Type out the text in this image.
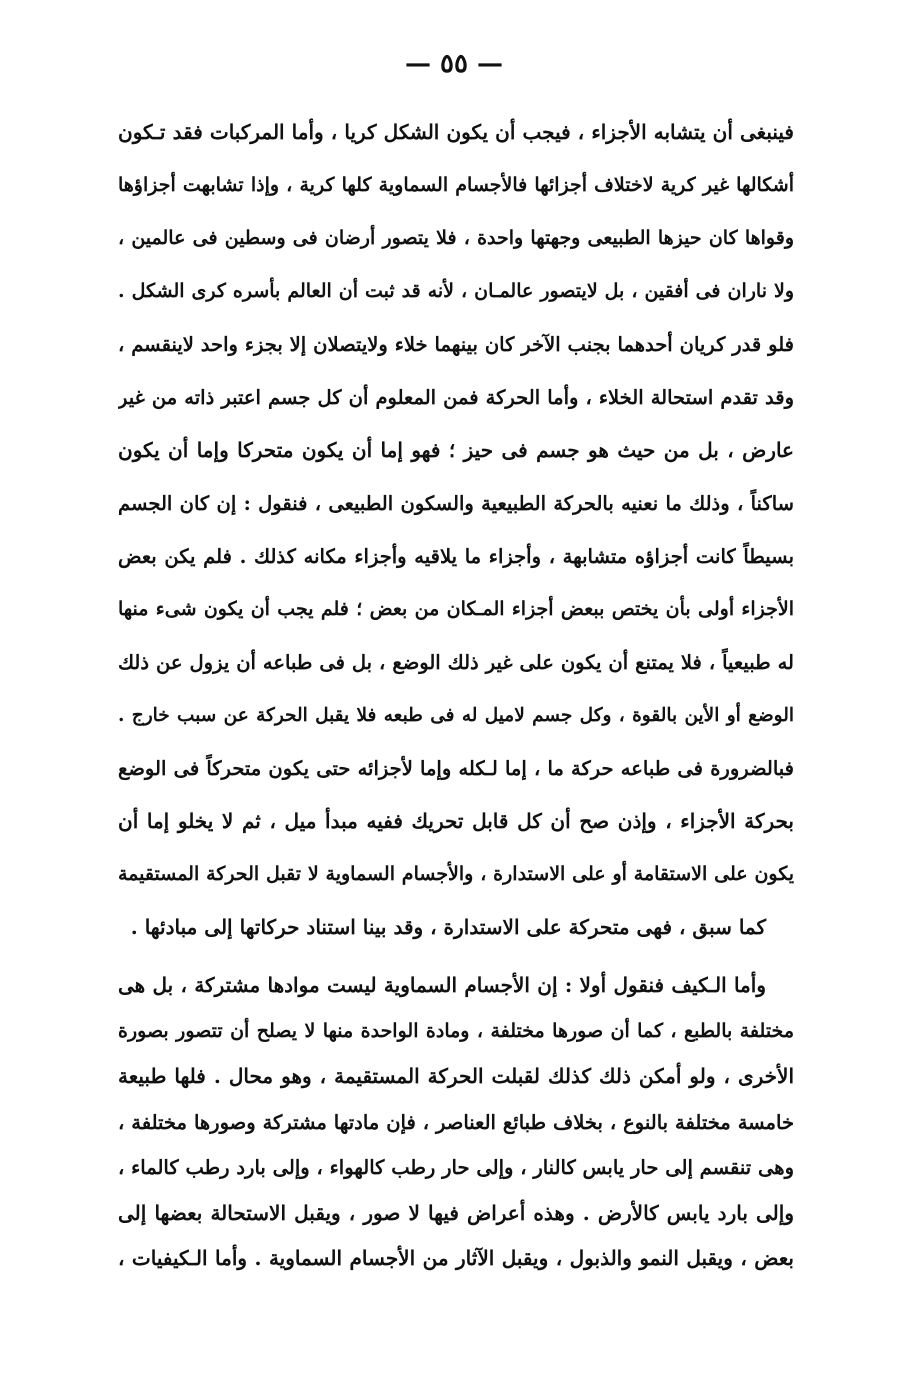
— ٥٥ —
فينبغى أن يتشابه الأجزاء ، فيجب أن يكون الشكل كريا ، وأما المركبات فقد تـكون
أشكالها غير كرية لاختلاف أجزائها فالأجسام السماوية كلها كرية ، وإذا تشابهت أجزاؤها
وقواها كان حيزها الطبيعى وجهتها واحدة ، فلا يتصور أرضان فى وسطين فى عالمين ،
ولا ناران فى أفقين ، بل لايتصور عالمـان ، لأنه قد ثبت أن العالم بأسره كرى الشكل .
فلو قدر كريان أحدهما بجنب الآخر كان بينهما خلاء ولايتصلان إلا بجزء واحد لاينقسم ،
وقد تقدم استحالة الخلاء ، وأما الحركة فمن المعلوم أن كل جسم اعتبر ذاته من غير
عارض ، بل من حيث هو جسم فى حيز ؛ فهو إما أن يكون متحركا وإما أن يكون
ساكناً ، وذلك ما نعنيه بالحركة الطبيعية والسكون الطبيعى ، فنقول : إن كان الجسم
بسيطاً كانت أجزاؤه متشابهة ، وأجزاء ما يلاقيه وأجزاء مكانه كذلك . فلم يكن بعض
الأجزاء أولى بأن يختص ببعض أجزاء المـكان من بعض ؛ فلم يجب أن يكون شىء منها
له طبيعياً ، فلا يمتنع أن يكون على غير ذلك الوضع ، بل فى طباعه أن يزول عن ذلك
الوضع أو الأين بالقوة ، وكل جسم لاميل له فى طبعه فلا يقبل الحركة عن سبب خارج .
فبالضرورة فى طباعه حركة ما ، إما لـكله وإما لأجزائه حتى يكون متحركاً فى الوضع
بحركة الأجزاء ، وإذن صح أن كل قابل تحريك ففيه مبدأ ميل ، ثم لا يخلو إما أن
يكون على الاستقامة أو على الاستدارة ، والأجسام السماوية لا تقبل الحركة المستقيمة
كما سبق ، فهى متحركة على الاستدارة ، وقد بينا استناد حركاتها إلى مبادئها .
وأما الـكيف فنقول أولا : إن الأجسام السماوية ليست موادها مشتركة ، بل هى
مختلفة بالطبع ، كما أن صورها مختلفة ، ومادة الواحدة منها لا يصلح أن تتصور بصورة
الأخرى ، ولو أمكن ذلك كذلك لقبلت الحركة المستقيمة ، وهو محال . فلها طبيعة
خامسة مختلفة بالنوع ، بخلاف طبائع العناصر ، فإن مادتها مشتركة وصورها مختلفة ،
وهى تنقسم إلى حار يابس كالنار ، وإلى حار رطب كالهواء ، وإلى بارد رطب كالماء ،
وإلى بارد يابس كالأرض . وهذه أعراض فيها لا صور ، ويقبل الاستحالة بعضها إلى
بعض ، ويقبل النمو والذبول ، ويقبل الآثار من الأجسام السماوية . وأما الـكيفيات ،
